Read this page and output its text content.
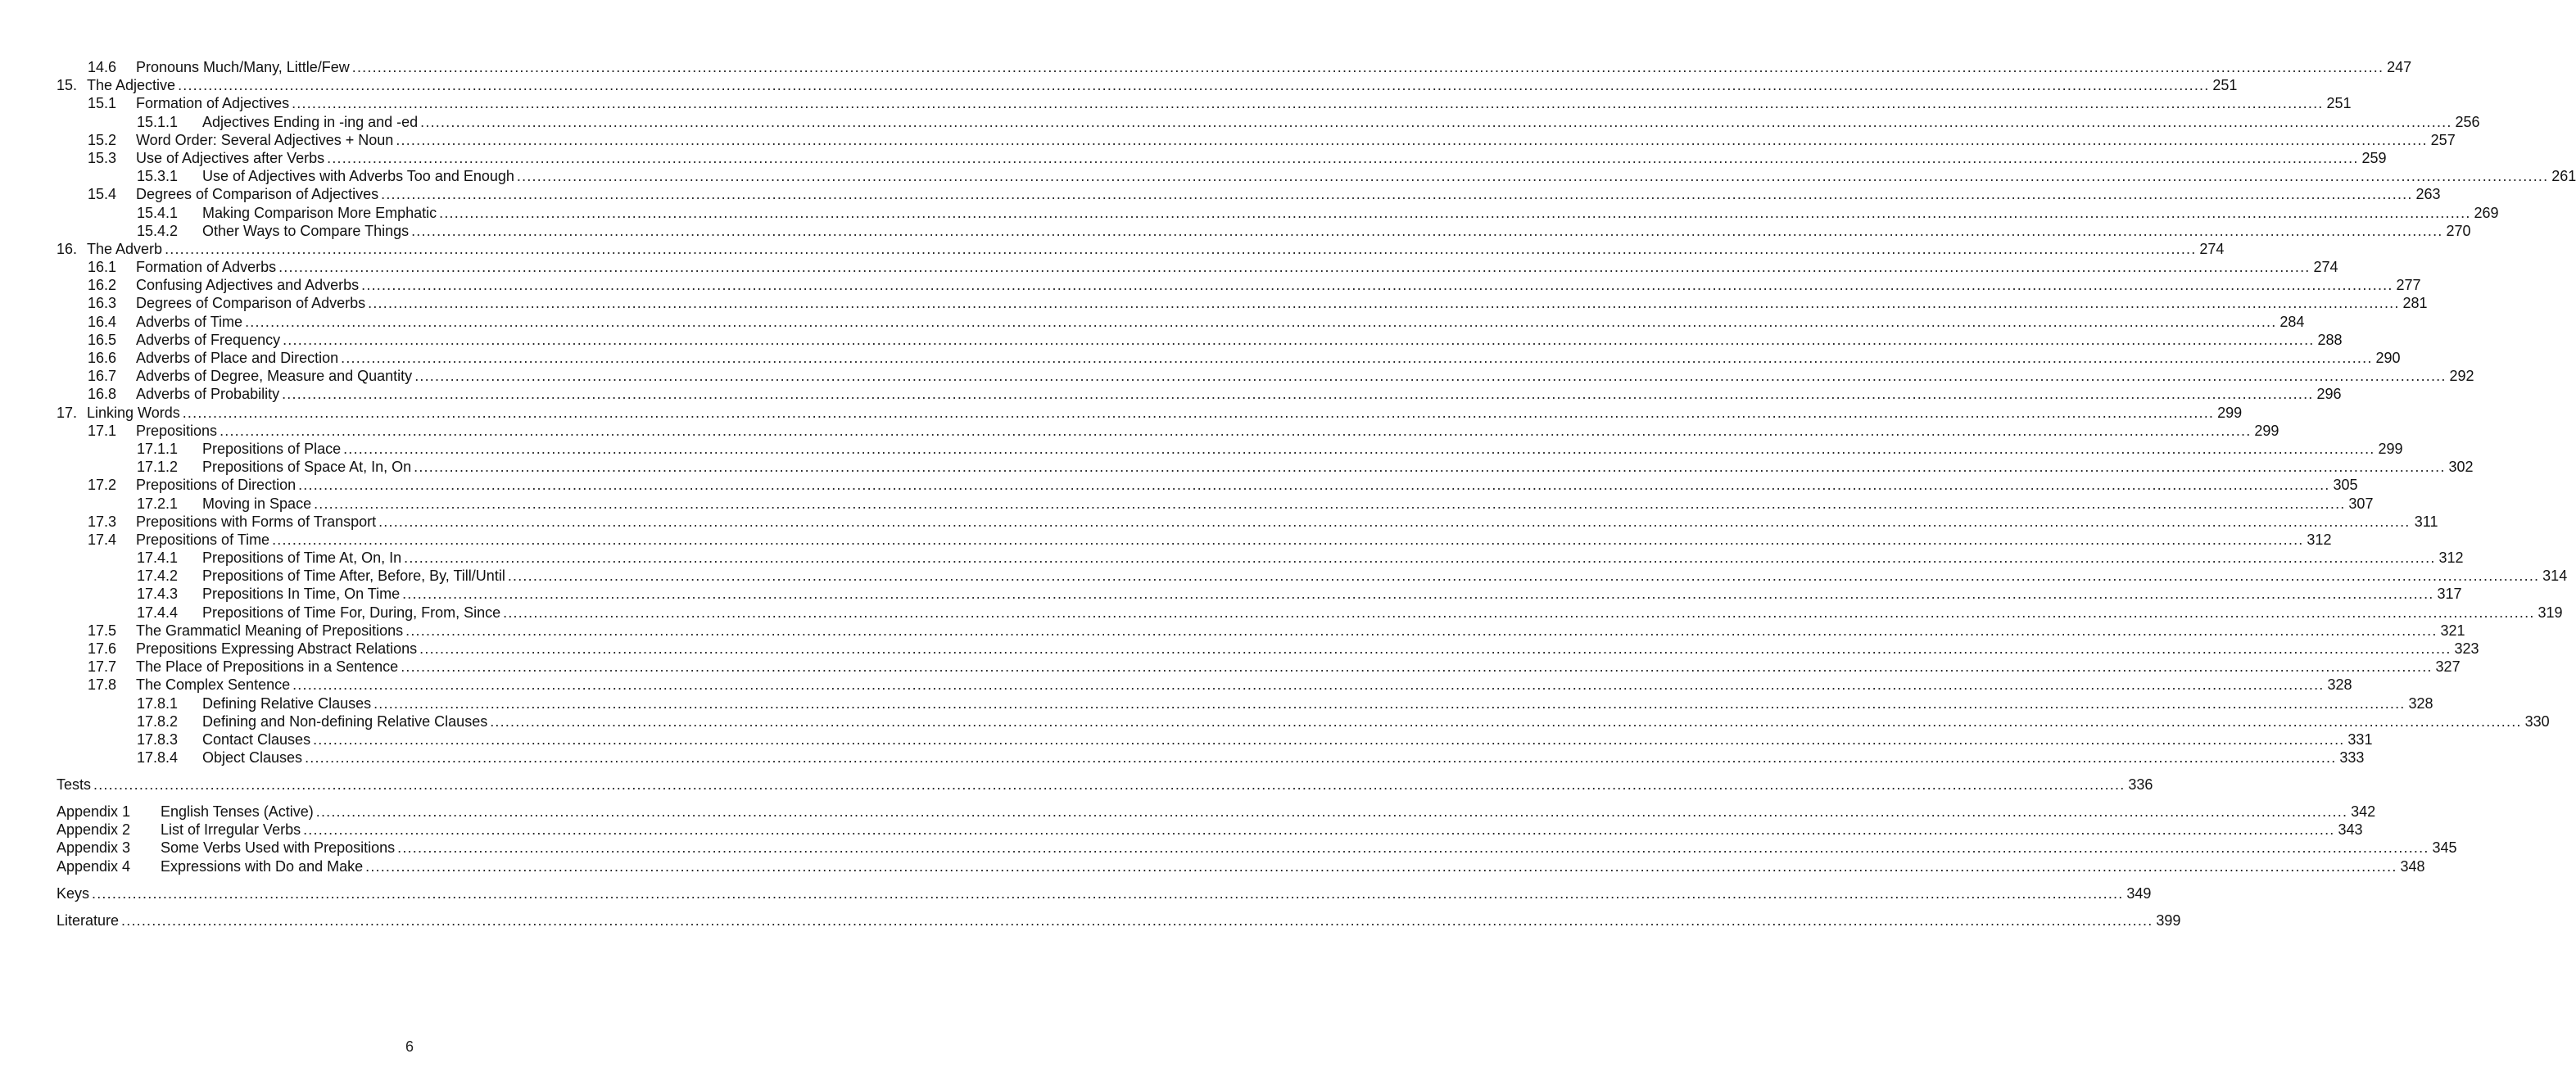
14.6 Pronouns Much/Many, Little/Few ................................................................................................................................................................................................................................................................................................................................................................................................................ 247
15. The Adjective ................................................................................................................................................................................................................................................................................................................................................................................................................ 251
15.1 Formation of Adjectives ................................................................................................................................................................................................................................................................................................................................................................................................................ 251
15.1.1 Adjectives Ending in -ing and -ed ................................................................................................................................................................................................................................................................................................................................................................................................................ 256
15.2 Word Order: Several Adjectives + Noun ................................................................................................................................................................................................................................................................................................................................................................................................................ 257
15.3 Use of Adjectives after Verbs ................................................................................................................................................................................................................................................................................................................................................................................................................ 259
15.3.1 Use of Adjectives with Adverbs Too and Enough ................................................................................................................................................................................................................................................................................................................................................................................................................ 261
15.4 Degrees of Comparison of Adjectives ................................................................................................................................................................................................................................................................................................................................................................................................................ 263
15.4.1 Making Comparison More Emphatic ................................................................................................................................................................................................................................................................................................................................................................................................................ 269
15.4.2 Other Ways to Compare Things ................................................................................................................................................................................................................................................................................................................................................................................................................ 270
16. The Adverb ................................................................................................................................................................................................................................................................................................................................................................................................................ 274
16.1 Formation of Adverbs ................................................................................................................................................................................................................................................................................................................................................................................................................ 274
16.2 Confusing Adjectives and Adverbs ................................................................................................................................................................................................................................................................................................................................................................................................................ 277
16.3 Degrees of Comparison of Adverbs ................................................................................................................................................................................................................................................................................................................................................................................................................ 281
16.4 Adverbs of Time ................................................................................................................................................................................................................................................................................................................................................................................................................ 284
16.5 Adverbs of Frequency ................................................................................................................................................................................................................................................................................................................................................................................................................ 288
16.6 Adverbs of Place and Direction ................................................................................................................................................................................................................................................................................................................................................................................................................ 290
16.7 Adverbs of Degree, Measure and Quantity ................................................................................................................................................................................................................................................................................................................................................................................................................ 292
16.8 Adverbs of Probability ................................................................................................................................................................................................................................................................................................................................................................................................................ 296
17. Linking Words ................................................................................................................................................................................................................................................................................................................................................................................................................ 299
17.1 Prepositions ................................................................................................................................................................................................................................................................................................................................................................................................................ 299
17.1.1 Prepositions of Place ................................................................................................................................................................................................................................................................................................................................................................................................................ 299
17.1.2 Prepositions of Space At, In, On ................................................................................................................................................................................................................................................................................................................................................................................................................ 302
17.2 Prepositions of Direction ................................................................................................................................................................................................................................................................................................................................................................................................................ 305
17.2.1 Moving in Space ................................................................................................................................................................................................................................................................................................................................................................................................................ 307
17.3 Prepositions with Forms of Transport ................................................................................................................................................................................................................................................................................................................................................................................................................ 311
17.4 Prepositions of Time ................................................................................................................................................................................................................................................................................................................................................................................................................ 312
17.4.1 Prepositions of Time At, On, In ................................................................................................................................................................................................................................................................................................................................................................................................................ 312
17.4.2 Prepositions of Time After, Before, By, Till/Until ................................................................................................................................................................................................................................................................................................................................................................................................................ 314
17.4.3 Prepositions In Time, On Time ................................................................................................................................................................................................................................................................................................................................................................................................................ 317
17.4.4 Prepositions of Time For, During, From, Since ................................................................................................................................................................................................................................................................................................................................................................................................................ 319
17.5 The Grammaticl Meaning of Prepositions ................................................................................................................................................................................................................................................................................................................................................................................................................ 321
17.6 Prepositions Expressing Abstract Relations ................................................................................................................................................................................................................................................................................................................................................................................................................ 323
17.7 The Place of Prepositions in a Sentence ................................................................................................................................................................................................................................................................................................................................................................................................................ 327
17.8 The Complex Sentence ................................................................................................................................................................................................................................................................................................................................................................................................................ 328
17.8.1 Defining Relative Clauses ................................................................................................................................................................................................................................................................................................................................................................................................................ 328
17.8.2 Defining and Non-defining Relative Clauses ................................................................................................................................................................................................................................................................................................................................................................................................................ 330
17.8.3 Contact Clauses ................................................................................................................................................................................................................................................................................................................................................................................................................ 331
17.8.4 Object Clauses ................................................................................................................................................................................................................................................................................................................................................................................................................ 333
Tests ................................................................................................................................................................................................................................................................................................................................................................................................................ 336
Appendix 1 English Tenses (Active) ................................................................................................................................................................................................................................................................................................................................................................................................................ 342
Appendix 2 List of Irregular Verbs ................................................................................................................................................................................................................................................................................................................................................................................................................ 343
Appendix 3 Some Verbs Used with Prepositions ................................................................................................................................................................................................................................................................................................................................................................................................................ 345
Appendix 4 Expressions with Do and Make ................................................................................................................................................................................................................................................................................................................................................................................................................ 348
Keys ................................................................................................................................................................................................................................................................................................................................................................................................................ 349
Literature ................................................................................................................................................................................................................................................................................................................................................................................................................ 399
6
